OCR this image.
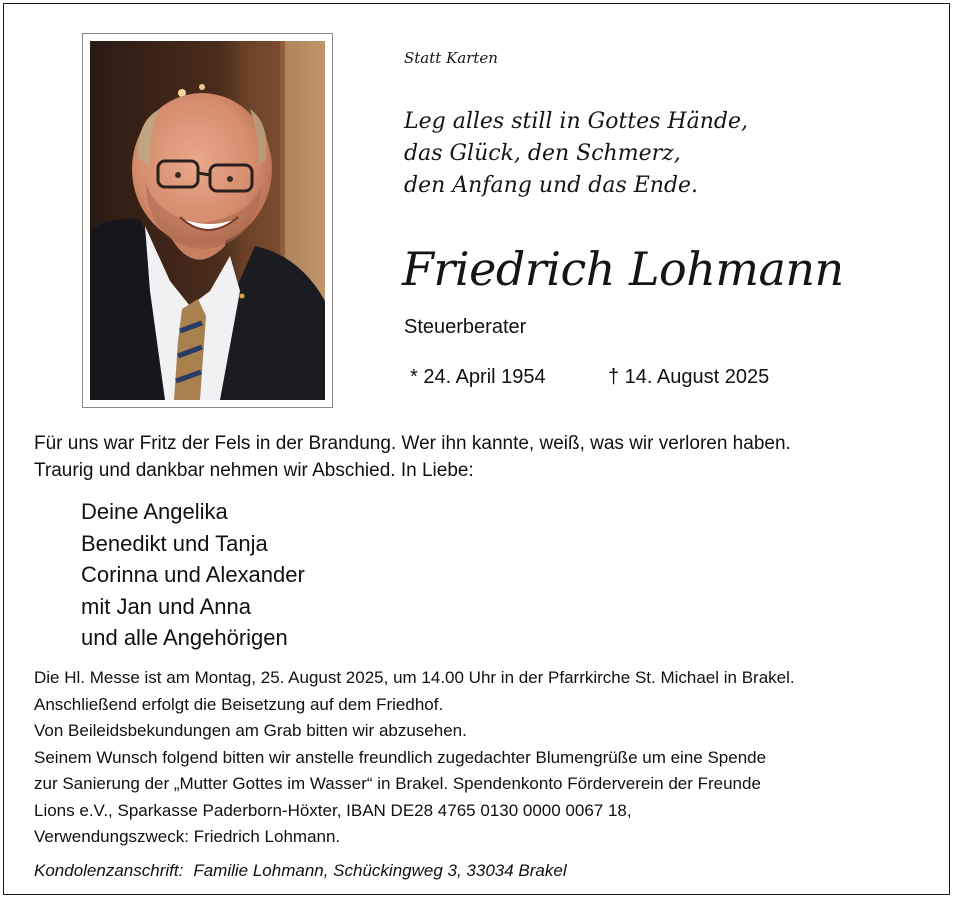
Statt Karten
Leg alles still in Gottes Hände,
das Glück, den Schmerz,
den Anfang und das Ende.
Friedrich Lohmann
Steuerberater
* 24. April 1954	† 14. August 2025
Für uns war Fritz der Fels in der Brandung. Wer ihn kannte, weiß, was wir verloren haben.
Traurig und dankbar nehmen wir Abschied. In Liebe:
Deine Angelika
Benedikt und Tanja
Corinna und Alexander
mit Jan und Anna
und alle Angehörigen
Die Hl. Messe ist am Montag, 25. August 2025, um 14.00 Uhr in der Pfarrkirche St. Michael in Brakel.
Anschließend erfolgt die Beisetzung auf dem Friedhof.
Von Beileidsbekundungen am Grab bitten wir abzusehen.
Seinem Wunsch folgend bitten wir anstelle freundlich zugedachter Blumengrüße um eine Spende
zur Sanierung der „Mutter Gottes im Wasser“ in Brakel. Spendenkonto Förderverein der Freunde
Lions e.V., Sparkasse Paderborn-Höxter, IBAN DE28 4765 0130 0000 0067 18,
Verwendungszweck: Friedrich Lohmann.
Kondolenzanschrift: Familie Lohmann, Schückingweg 3, 33034 Brakel
